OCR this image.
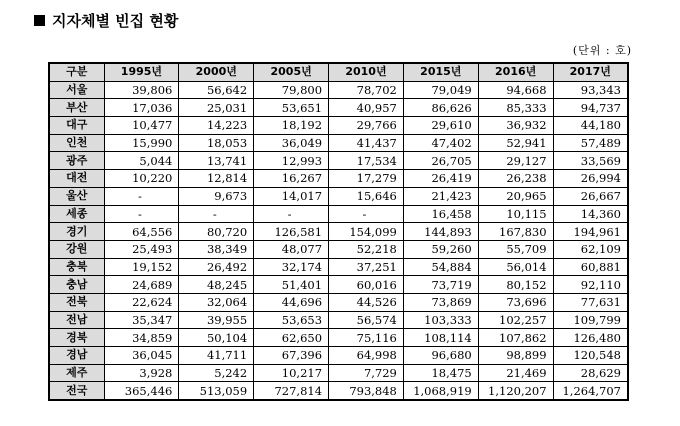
지자체별 빈집 현황
(단위 : 호)
구분	1995년	2000년	2005년	2010년	2015년	2016년	2017년
서울	39,806	56,642	79,800	78,702	79,049	94,668	93,343
부산	17,036	25,031	53,651	40,957	86,626	85,333	94,737
대구	10,477	14,223	18,192	29,766	29,610	36,932	44,180
인천	15,990	18,053	36,049	41,437	47,402	52,941	57,489
광주	5,044	13,741	12,993	17,534	26,705	29,127	33,569
대전	10,220	12,814	16,267	17,279	26,419	26,238	26,994
울산	-	9,673	14,017	15,646	21,423	20,965	26,667
세종	-	-	-	-	16,458	10,115	14,360
경기	64,556	80,720	126,581	154,099	144,893	167,830	194,961
강원	25,493	38,349	48,077	52,218	59,260	55,709	62,109
충북	19,152	26,492	32,174	37,251	54,884	56,014	60,881
충남	24,689	48,245	51,401	60,016	73,719	80,152	92,110
전북	22,624	32,064	44,696	44,526	73,869	73,696	77,631
전남	35,347	39,955	53,653	56,574	103,333	102,257	109,799
경북	34,859	50,104	62,650	75,116	108,114	107,862	126,480
경남	36,045	41,711	67,396	64,998	96,680	98,899	120,548
제주	3,928	5,242	10,217	7,729	18,475	21,469	28,629
전국	365,446	513,059	727,814	793,848	1,068,919	1,120,207	1,264,707
